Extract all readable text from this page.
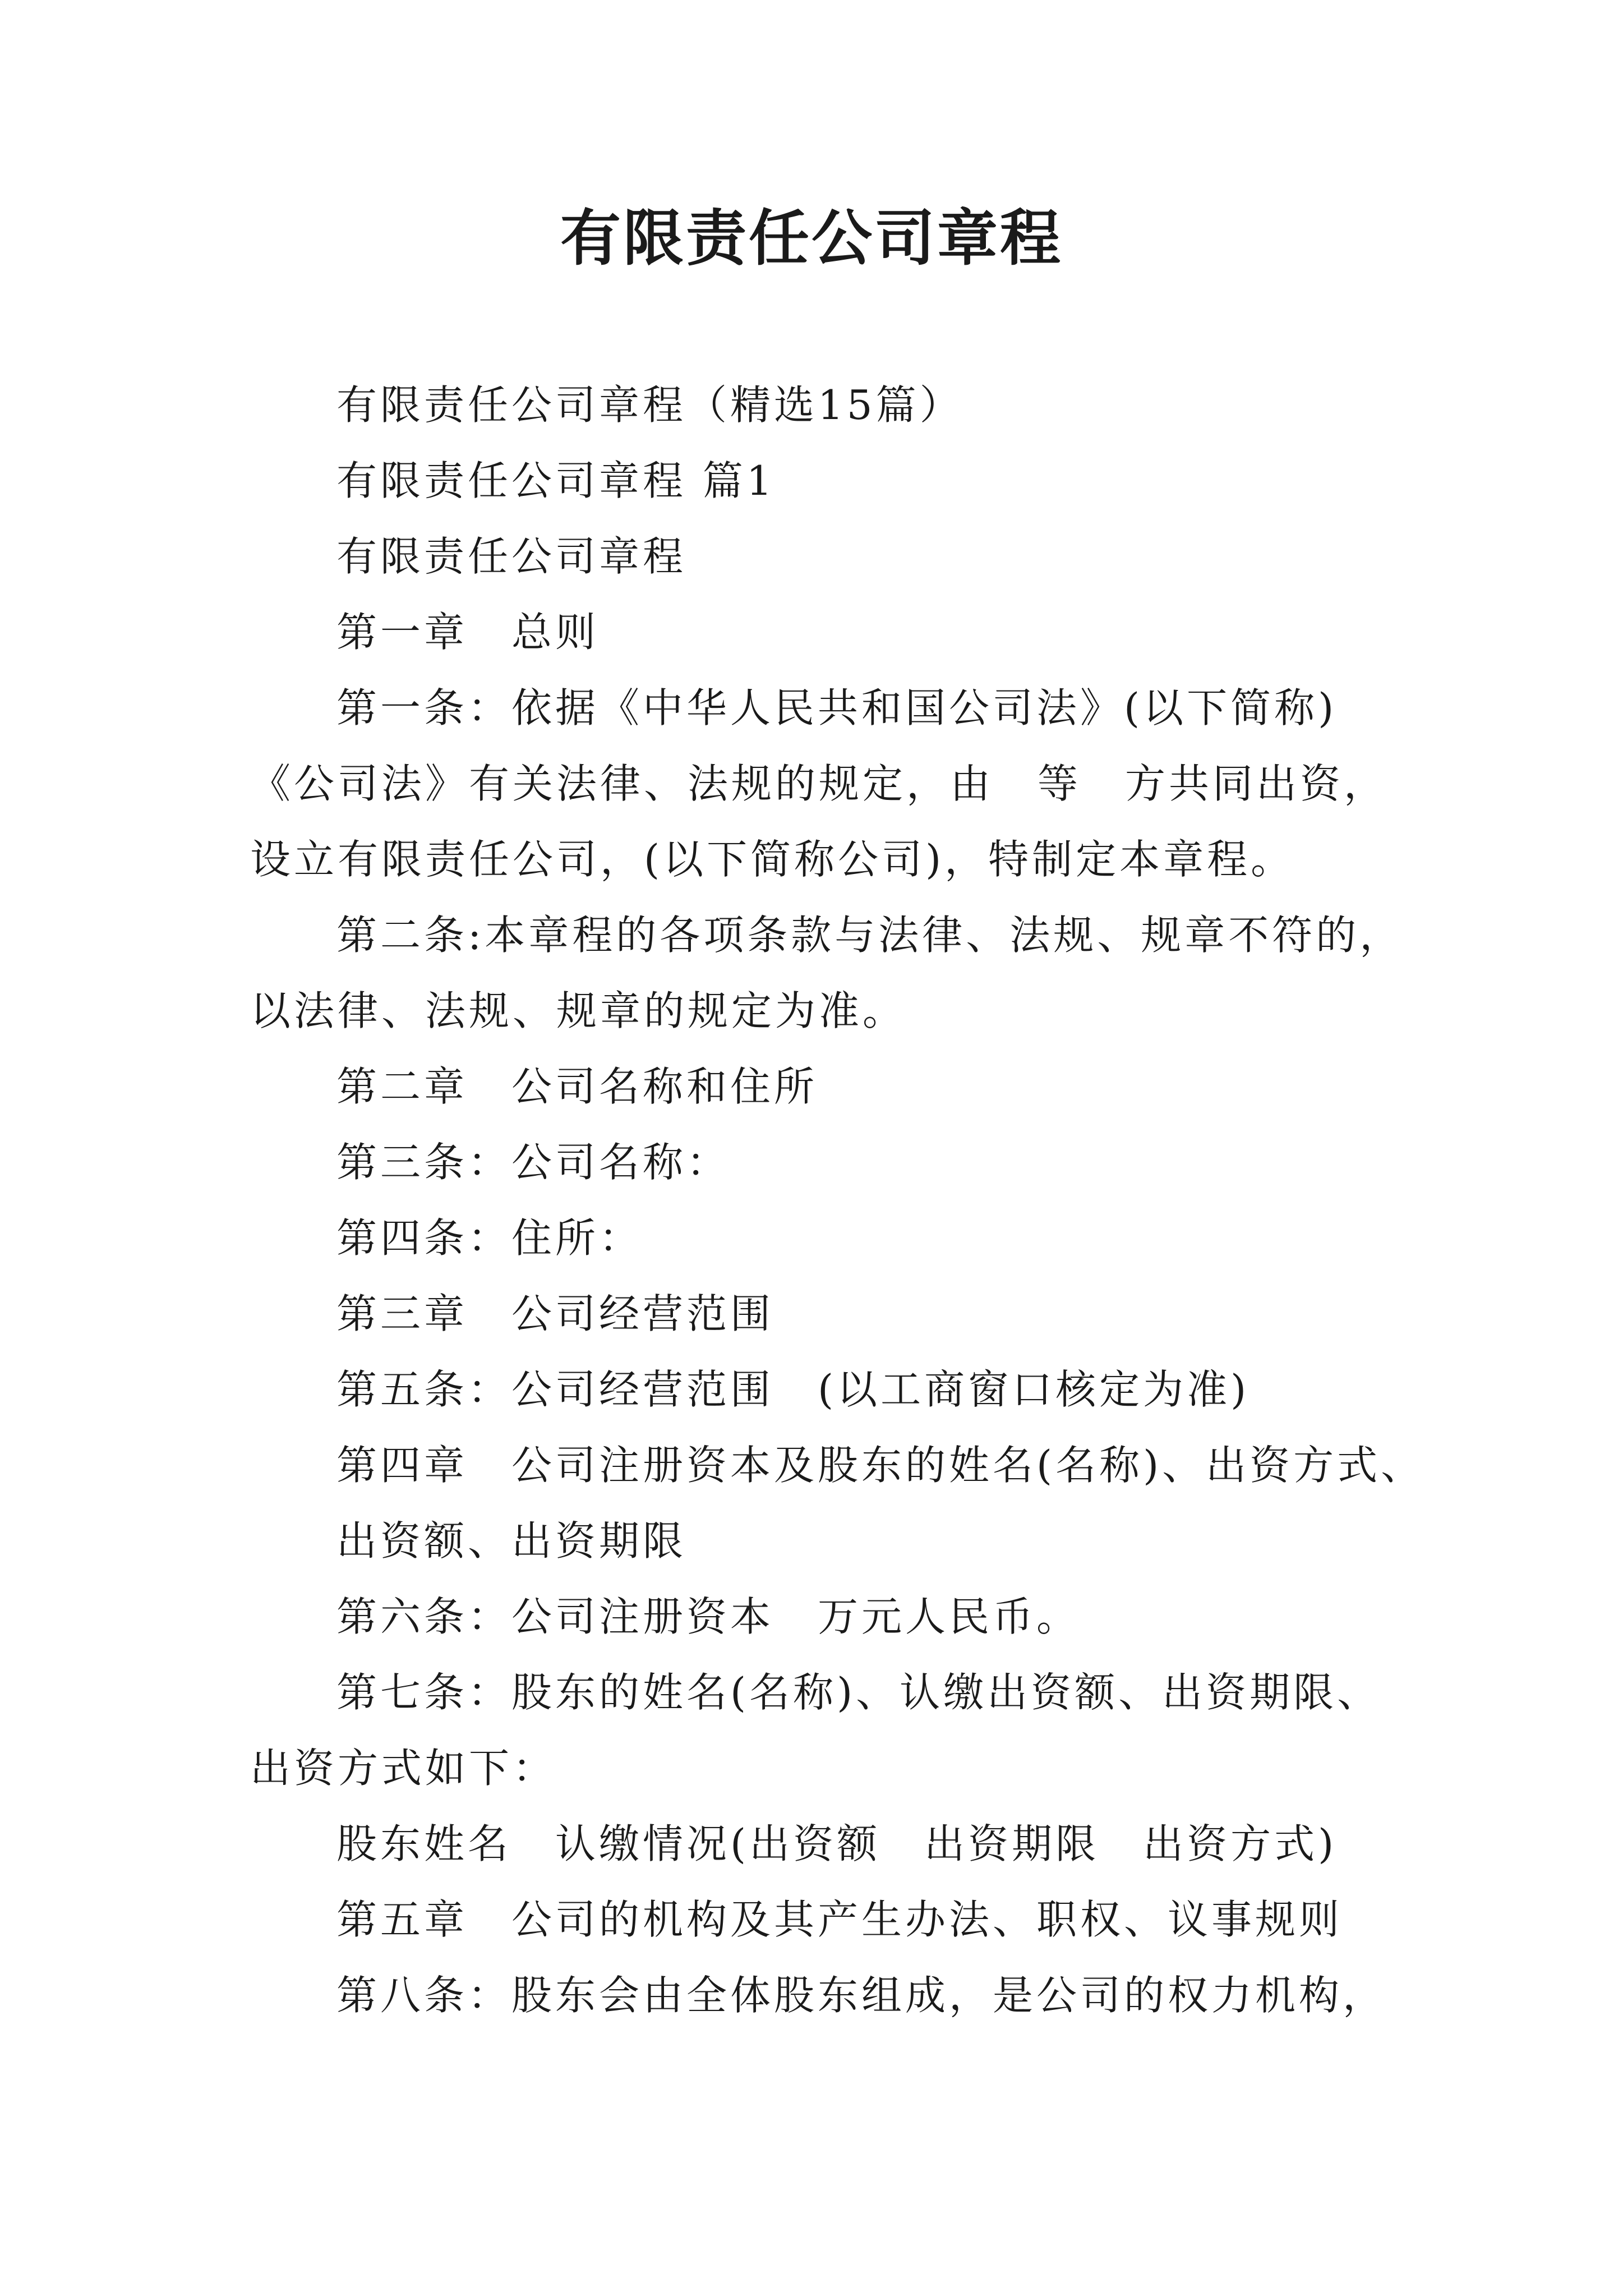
有限责任公司章程

有限责任公司章程（精选15篇）

有限责任公司章程 篇1

有限责任公司章程

第一章　总则

第一条：依据《中华人民共和国公司法》(以下简称)

《公司法》有关法律、法规的规定，由　等　方共同出资，

设立有限责任公司，(以下简称公司)，特制定本章程。

第二条:本章程的各项条款与法律、法规、规章不符的，

以法律、法规、规章的规定为准。

第二章　公司名称和住所

第三条：公司名称：

第四条：住所：

第三章　公司经营范围

第五条：公司经营范围　(以工商窗口核定为准)

第四章　公司注册资本及股东的姓名(名称)、出资方式、

出资额、出资期限

第六条：公司注册资本　万元人民币。

第七条：股东的姓名(名称)、认缴出资额、出资期限、

出资方式如下：

股东姓名　认缴情况(出资额　出资期限　出资方式)

第五章　公司的机构及其产生办法、职权、议事规则

第八条：股东会由全体股东组成，是公司的权力机构，
